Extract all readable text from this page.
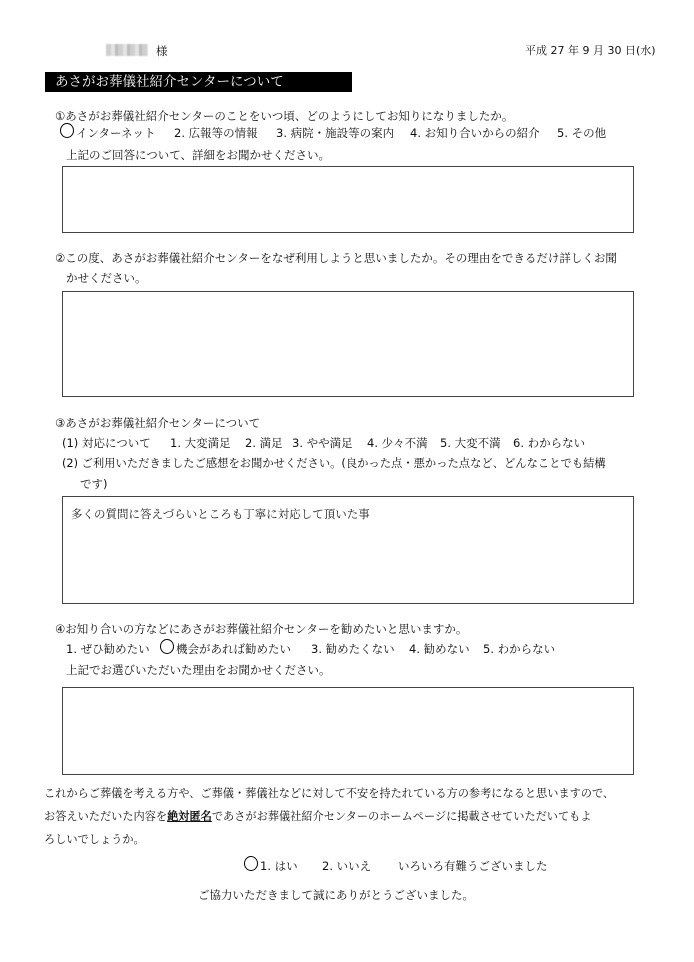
様	平成 27 年 9 月 30 日(水)
あさがお葬儀社紹介センターについて
①あさがお葬儀社紹介センターのことをいつ頃、どのようにしてお知りになりましたか。
インターネット 2. 広報等の情報 3. 病院・施設等の案内 4. お知り合いからの紹介 5. その他
上記のご回答について、詳細をお聞かせください。
②この度、あさがお葬儀社紹介センターをなぜ利用しようと思いましたか。その理由をできるだけ詳しくお聞
かせください。
③あさがお葬儀社紹介センターについて
(1) 対応について 1. 大変満足 2. 満足 3. やや満足 4. 少々不満 5. 大変不満 6. わからない
(2) ご利用いただきましたご感想をお聞かせください。(良かった点・悪かった点など、どんなことでも結構
です)
多くの質問に答えづらいところも丁寧に対応して頂いた事
④お知り合いの方などにあさがお葬儀社紹介センターを勧めたいと思いますか。
1. ぜひ勧めたい 機会があれば勧めたい 3. 勧めたくない 4. 勧めない 5. わからない
上記でお選びいただいた理由をお聞かせください。
これからご葬儀を考える方や、ご葬儀・葬儀社などに対して不安を持たれている方の参考になると思いますので、
お答えいただいた内容を絶対匿名であさがお葬儀社紹介センターのホームページに掲載させていただいてもよ
ろしいでしょうか。
1. はい 2. いいえ いろいろ有難うございました
ご協力いただきまして誠にありがとうございました。
